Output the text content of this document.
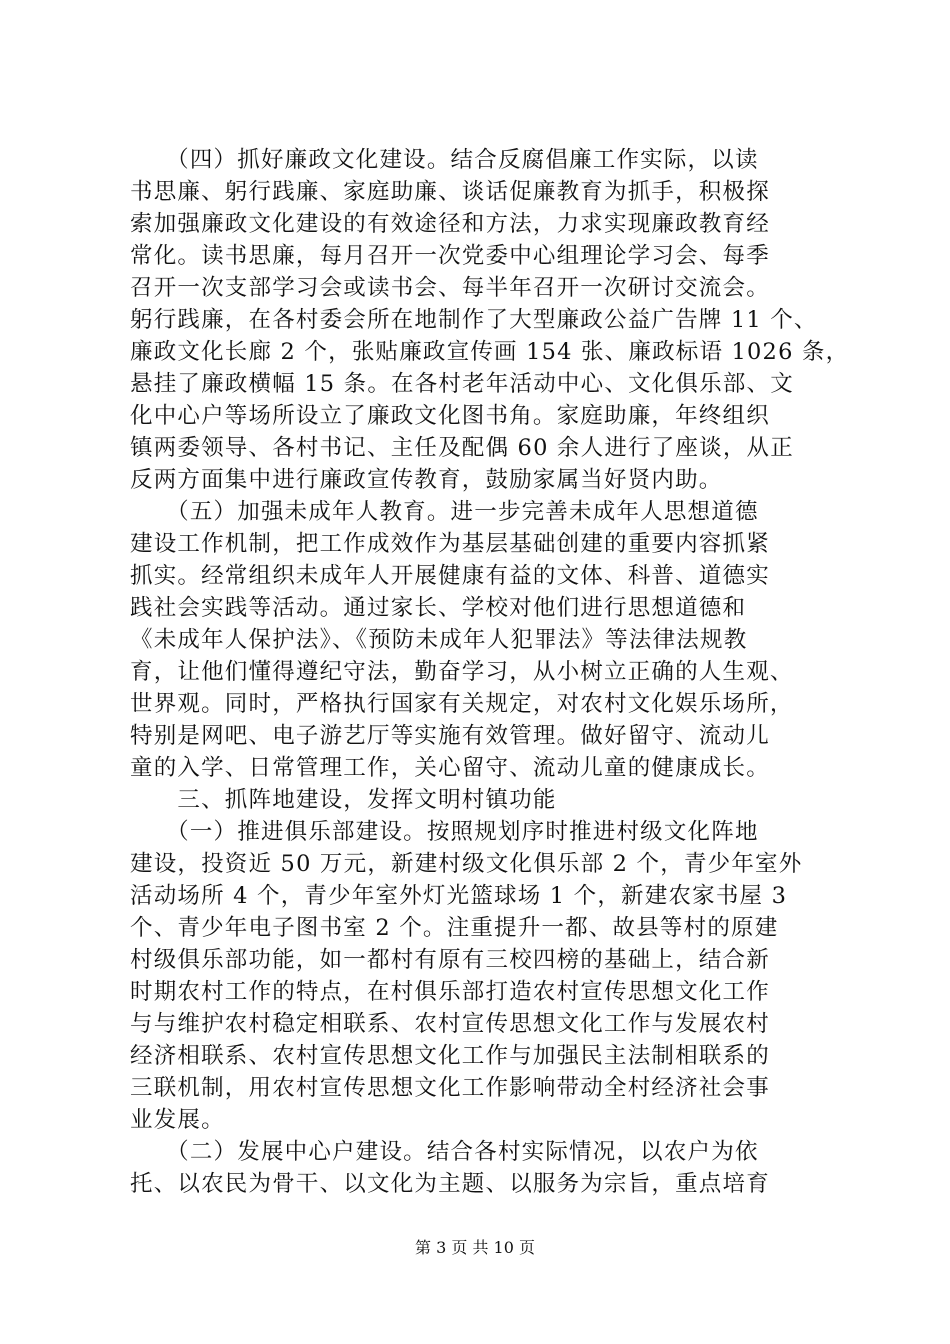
　　（四）抓好廉政文化建设。结合反腐倡廉工作实际，以读
书思廉、躬行践廉、家庭助廉、谈话促廉教育为抓手，积极探
索加强廉政文化建设的有效途径和方法，力求实现廉政教育经
常化。读书思廉，每月召开一次党委中心组理论学习会、每季
召开一次支部学习会或读书会、每半年召开一次研讨交流会。
躬行践廉，在各村委会所在地制作了大型廉政公益广告牌 11 个、
廉政文化长廊 2 个，张贴廉政宣传画 154 张、廉政标语 1026 条，
悬挂了廉政横幅 15 条。在各村老年活动中心、文化俱乐部、文
化中心户等场所设立了廉政文化图书角。家庭助廉，年终组织
镇两委领导、各村书记、主任及配偶 60 余人进行了座谈，从正
反两方面集中进行廉政宣传教育，鼓励家属当好贤内助。
　　（五）加强未成年人教育。进一步完善未成年人思想道德
建设工作机制，把工作成效作为基层基础创建的重要内容抓紧
抓实。经常组织未成年人开展健康有益的文体、科普、道德实
践社会实践等活动。通过家长、学校对他们进行思想道德和
《未成年人保护法》、《预防未成年人犯罪法》等法律法规教
育，让他们懂得遵纪守法，勤奋学习，从小树立正确的人生观、
世界观。同时，严格执行国家有关规定，对农村文化娱乐场所，
特别是网吧、电子游艺厅等实施有效管理。做好留守、流动儿
童的入学、日常管理工作，关心留守、流动儿童的健康成长。
　　三、抓阵地建设，发挥文明村镇功能
　　（一）推进俱乐部建设。按照规划序时推进村级文化阵地
建设，投资近 50 万元，新建村级文化俱乐部 2 个，青少年室外
活动场所 4 个，青少年室外灯光篮球场 1 个，新建农家书屋 3
个、青少年电子图书室 2 个。注重提升一都、故县等村的原建
村级俱乐部功能，如一都村有原有三校四榜的基础上，结合新
时期农村工作的特点，在村俱乐部打造农村宣传思想文化工作
与与维护农村稳定相联系、农村宣传思想文化工作与发展农村
经济相联系、农村宣传思想文化工作与加强民主法制相联系的
三联机制，用农村宣传思想文化工作影响带动全村经济社会事
业发展。
　　（二）发展中心户建设。结合各村实际情况，以农户为依
托、以农民为骨干、以文化为主题、以服务为宗旨，重点培育
第 3 页 共 10 页
